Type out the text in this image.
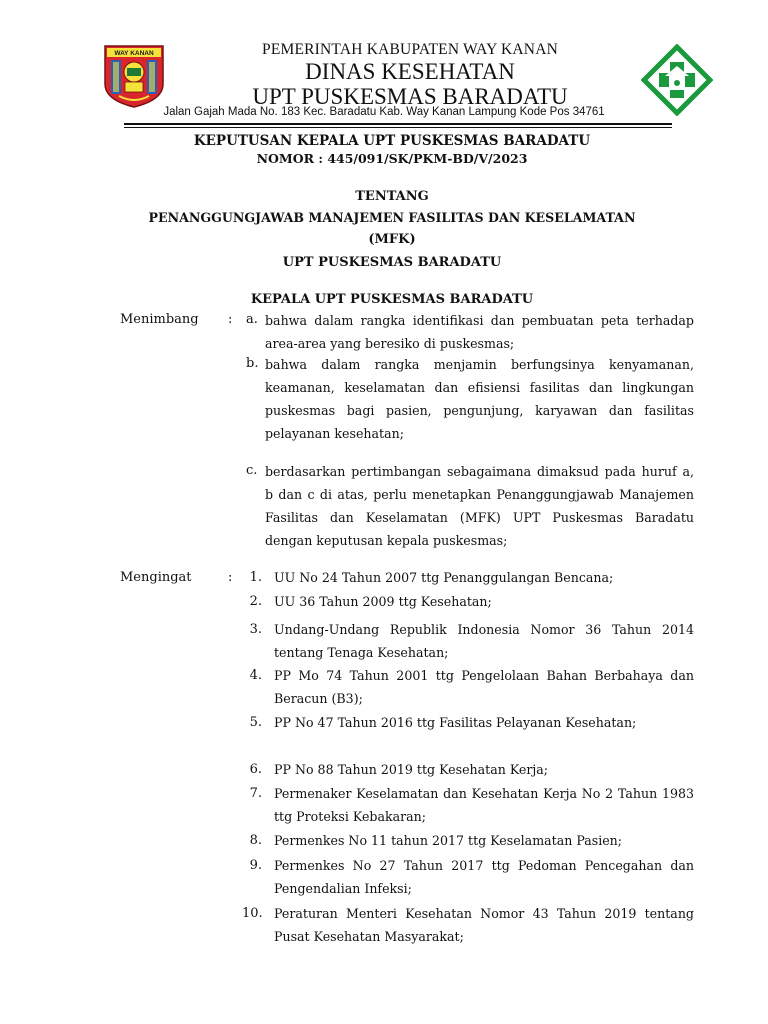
WAY KANAN	PEMERINTAH KABUPATEN WAY KANAN
DINAS KESEHATAN
UPT PUSKESMAS BARADATU
Jalan Gajah Mada No. 183 Kec. Baradatu Kab. Way Kanan Lampung Kode Pos 34761
KEPUTUSAN KEPALA UPT PUSKESMAS BARADATU
NOMOR : 445/091/SK/PKM-BD/V/2023
TENTANG
PENANGGUNGJAWAB MANAJEMEN FASILITAS DAN KESELAMATAN
(MFK)
UPT PUSKESMAS BARADATU
KEPALA UPT PUSKESMAS BARADATU
Menimbang : a. bahwa dalam rangka identifikasi dan pembuatan peta terhadap area-area yang beresiko di puskesmas;
b. bahwa dalam rangka menjamin berfungsinya kenyamanan, keamanan, keselamatan dan efisiensi fasilitas dan lingkungan puskesmas bagi pasien, pengunjung, karyawan dan fasilitas pelayanan kesehatan;
c. berdasarkan pertimbangan sebagaimana dimaksud pada huruf a, b dan c di atas, perlu menetapkan Penanggungjawab Manajemen Fasilitas dan Keselamatan (MFK) UPT Puskesmas Baradatu dengan keputusan kepala puskesmas;
Mengingat	:	1. UU No 24 Tahun 2007 ttg Penanggulangan Bencana;
2. UU 36 Tahun 2009 ttg Kesehatan;
3. Undang-Undang Republik Indonesia Nomor 36 Tahun 2014 tentang Tenaga Kesehatan;
4. PP Mo 74 Tahun 2001 ttg Pengelolaan Bahan Berbahaya dan Beracun (B3);
5. PP No 47 Tahun 2016 ttg Fasilitas Pelayanan Kesehatan;
6. PP No 88 Tahun 2019 ttg Kesehatan Kerja;
7. Permenaker Keselamatan dan Kesehatan Kerja No 2 Tahun 1983 ttg Proteksi Kebakaran;
8. Permenkes No 11 tahun 2017 ttg Keselamatan Pasien;
9. Permenkes No 27 Tahun 2017 ttg Pedoman Pencegahan dan Pengendalian Infeksi;
10. Peraturan Menteri Kesehatan Nomor 43 Tahun 2019 tentang Pusat Kesehatan Masyarakat;
